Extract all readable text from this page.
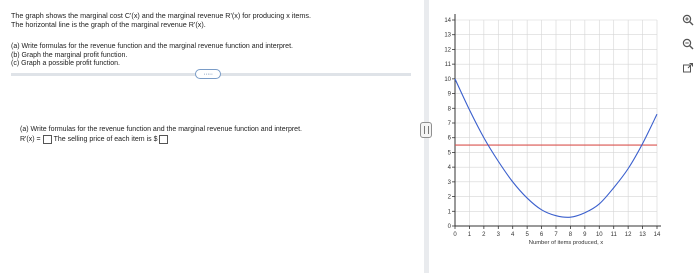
The graph shows the marginal cost C'(x) and the marginal revenue R'(x) for producing x items.
The horizontal line is the graph of the marginal revenue R'(x).
(a) Write formulas for the revenue function and the marginal revenue function and interpret.
(b) Graph the marginal profit function.
(c) Graph a possible profit function.
·····
(a) Write formulas for the revenue function and the marginal revenue function and interpret.
R'(x) = The selling price of each item is $
0 1 2 3 4 5 6 7 8 9 10 11 12 13 14
0
1
2
3
4
5
6
7
8
9
10
11
12
13
14
Number of items produced, x
